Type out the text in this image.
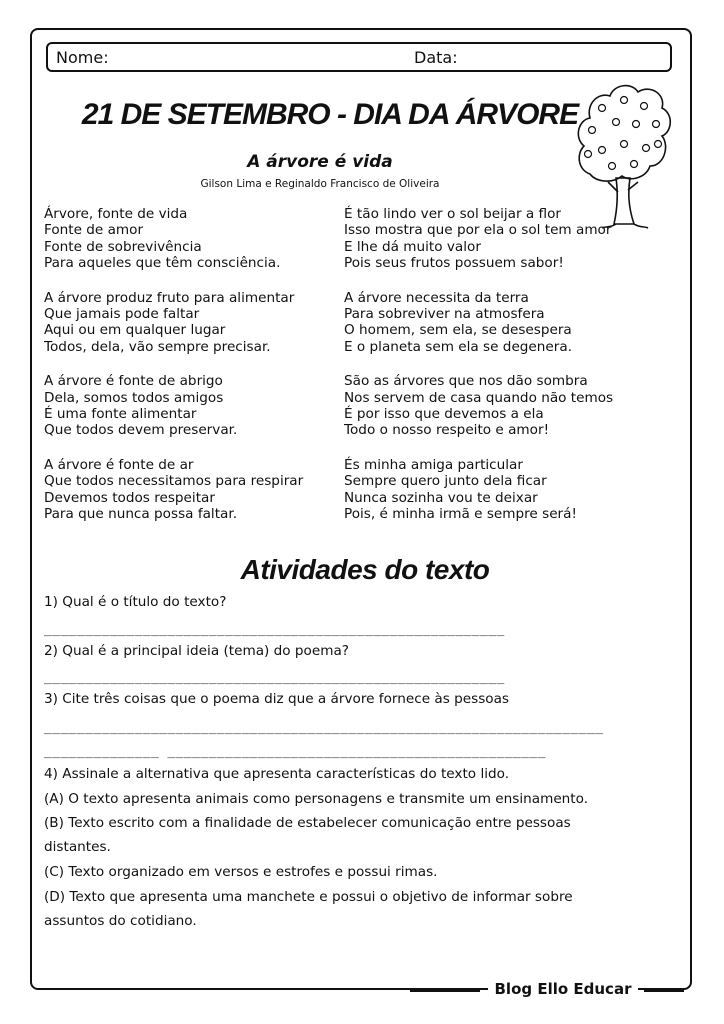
Nome:	Data:
21 DE SETEMBRO - DIA DA ÁRVORE
A árvore é vida

Gilson Lima e Reginaldo Francisco de Oliveira

Árvore, fonte de vida
Fonte de amor
Fonte de sobrevivência
Para aqueles que têm consciência.
A árvore produz fruto para alimentar
Que jamais pode faltar
Aqui ou em qualquer lugar
Todos, dela, vão sempre precisar.
A árvore é fonte de abrigo
Dela, somos todos amigos
É uma fonte alimentar
Que todos devem preservar.
A árvore é fonte de ar
Que todos necessitamos para respirar
Devemos todos respeitar
Para que nunca possa faltar.
É tão lindo ver o sol beijar a flor
Isso mostra que por ela o sol tem amor
E lhe dá muito valor
Pois seus frutos possuem sabor!
A árvore necessita da terra
Para sobreviver na atmosfera
O homem, sem ela, se desespera
E o planeta sem ela se degenera.
São as árvores que nos dão sombra
Nos servem de casa quando não temos
É por isso que devemos a ela
Todo o nosso respeito e amor!
És minha amiga particular
Sempre quero junto dela ficar
Nunca sozinha vou te deixar
Pois, é minha irmã e sempre será!
Atividades do texto
1) Qual é o título do texto?
________________________________________________________
2) Qual é a principal ideia (tema) do poema?
________________________________________________________
3) Cite três coisas que o poema diz que a árvore fornece às pessoas
____________________________________________________________________
______________ ______________________________________________
4) Assinale a alternativa que apresenta características do texto lido.
(A) O texto apresenta animais como personagens e transmite um ensinamento.
(B) Texto escrito com a finalidade de estabelecer comunicação entre pessoas
distantes.
(C) Texto organizado em versos e estrofes e possui rimas.
(D) Texto que apresenta uma manchete e possui o objetivo de informar sobre
assuntos do cotidiano.
Blog Ello Educar
